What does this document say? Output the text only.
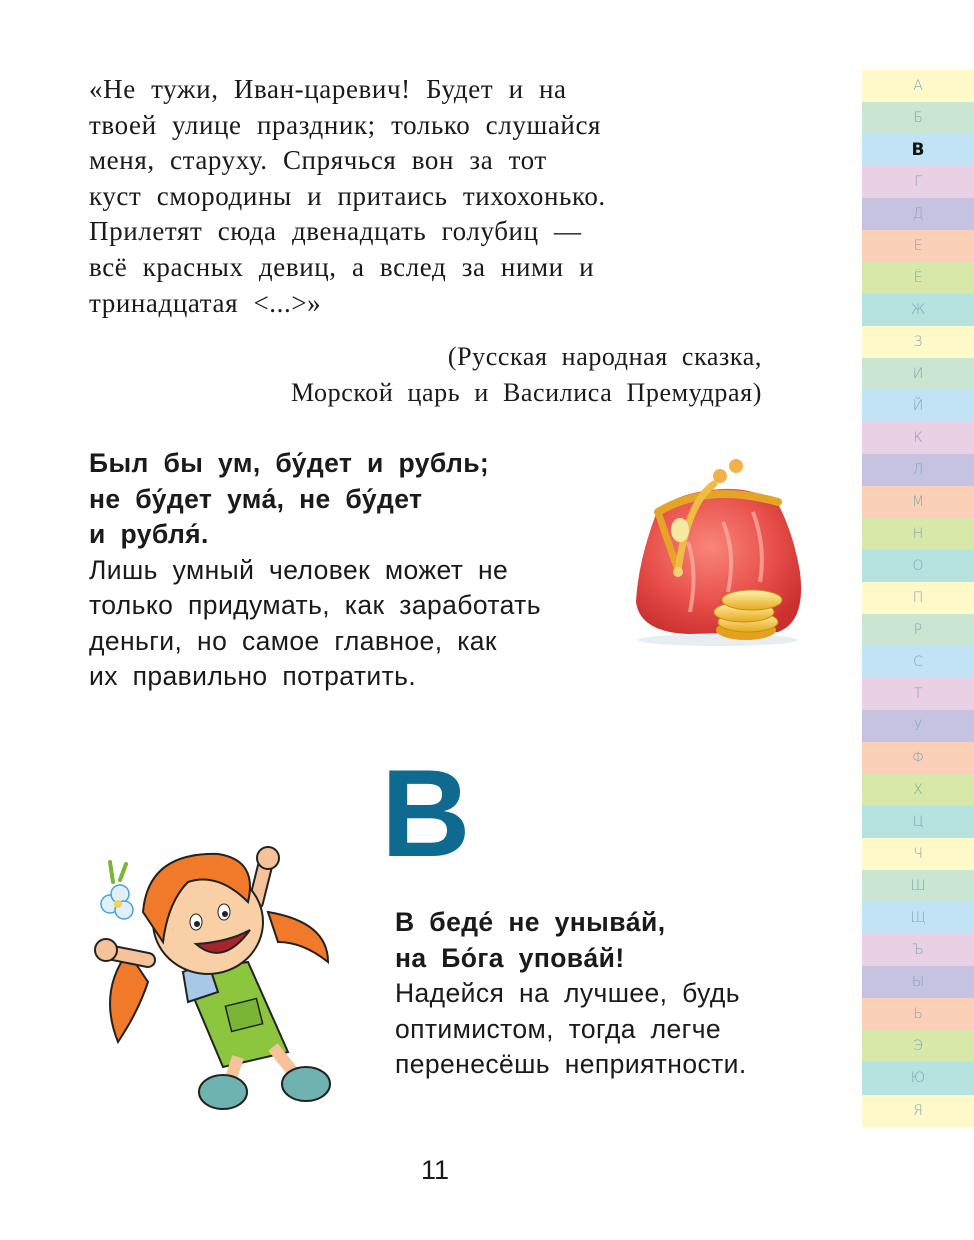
«Не тужи, Иван-царевич! Будет и на
твоей улице праздник; только слушайся
меня, старуху. Спрячься вон за тот
куст смородины и притаись тихохонько.
Прилетят сюда двенадцать голубиц —
всё красных девиц, а вслед за ними и
тринадцатая <...>»
(Русская народная сказка,
Морской царь и Василиса Премудрая)
Был бы ум, бу́дет и рубль;
не бу́дет ума́, не бу́дет
и рубля́.
Лишь умный человек может не
только придумать, как заработать
деньги, но самое главное, как
их правильно потратить.
В
В беде́ не унывáй,
на Бо́га уповáй!
Надейся на лучшее, будь
оптимистом, тогда легче
перенесёшь неприятности.
11
А
Б
В
Г
Д
Е
Ё
Ж
З
И
Й
К
Л
М
Н
О
П
Р
С
Т
У
Ф
Х
Ц
Ч
Ш
Щ
Ъ
Ы
Ь
Э
Ю
Я
